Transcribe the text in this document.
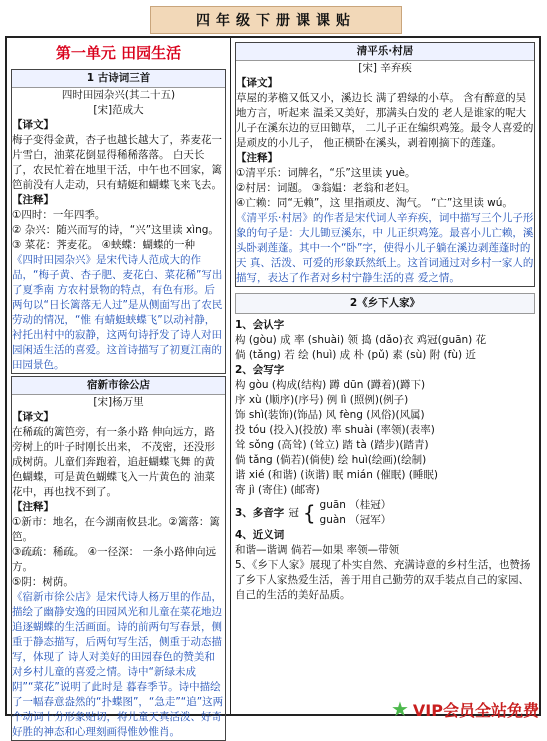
四年级下册课课贴
第一单元 田园生活
1 古诗词三首
四时田园杂兴(其二十五)
[宋]范成大
【译文】
梅子变得金黄，杏子也越长越大了，荞麦花一片雪白，油菜花倒显得稀稀落落。 白天长了，农民忙着在地里干活，中午也不回家，篱笆前没有人走动，只有蜻蜓和蝴蝶飞来飞去。
【注释】
①四时：一年四季。
② 杂兴：随兴而写的诗，“兴”这里读 xìng。
③ 菜花：荠麦花。 ④蛱蝶：蝴蝶的一种
《四时田园杂兴》是宋代诗人范成大的作品，“梅子黄、杏子肥、麦花白、菜花稀”写出了夏季南 方农村景物的特点，有色有形。后两句以“日长篱落无人过”是从侧面写出了农民劳动的情况，“惟 有蜻蜓蛱蝶飞”以动衬静，衬托出村中的寂静，这两句诗抒发了诗人对田园闲适生活的喜爱。这首诗描写了初夏江南的田园景色。
宿新市徐公店
[宋]杨万里
【译文】
在稀疏的篱笆旁，有一条小路 伸向远方，路旁树上的叶子时刚长出来， 不茂密，还没形成树荫。儿童们奔跑着，追赶蝴蝶飞舞 的黄色蝴蝶，可是黄色蝴蝶飞入一片黄色的 油菜花中，再也找不到了。
【注释】
①新市：地名，在今湖南攸县北。②篱落：篱笆。
③疏疏：稀疏。 ④一径深： 一条小路伸向远方。
⑤阴：树荫。
《宿新市徐公店》是宋代诗人杨万里的作品，描绘了幽静安逸的田园风光和儿童在菜花地边追逐蝴蝶的生活画面。诗的前两句写春景，侧重于静态描写，后两句写生活，侧重于动态描写，体现了 诗人对美好的田园春色的赞美和对乡村儿童的喜爱之情。诗中“新绿未成阴”“菜花”说明了此时是 暮春季节。诗中描绘了一幅春意盎然的“扑蝶图”，“急走”“追”这两个动词十分形象贴切，将儿童天真活泼、好奇好胜的神态和心理刻画得惟妙惟肖。
清平乐·村居
[宋] 辛弃疾
【译文】
草屋的茅檐又低又小，溪边长 满了碧绿的小草。 含有醉意的吴地方言，听起来 温柔又美好，那满头白发的 老人是谁家的呢大儿子在溪东边的豆田锄草， 二儿子正在编织鸡笼。最令人喜爱的是顽皮的小儿子， 他正横卧在溪头，剥着刚摘下的莲蓬。
【注释】
①清平乐：词牌名，“乐”这里读 yuè。
②村居：词题。 ③翁媪：老翁和老妇。
④亡赖：同“无赖”，这 里指顽皮、淘气。 “亡”这里读 wú。
《清平乐·村居》的作者是宋代词人辛弃疾，词中描写三个儿子形象的句子是：大儿锄豆溪东，中 儿正织鸡笼。最喜小儿亡赖，溪头卧剥莲蓬。其中一个“卧”字，使得小儿子躺在溪边剥莲蓬时的天 真、活泼、可爱的形象跃然纸上。这首词通过对乡村一家人的描写，表达了作者对乡村宁静生活的喜 爱之情。
2《乡下人家》
1、会认字
构 (gòu) 成 率 (shuài) 领 捣 (dǎo)衣 鸡冠(guān) 花
倘 (tǎng) 若 绘 (huì) 成 朴 (pǔ) 素 (sù) 附 (fù) 近
2、会写字
构 gòu (构成(结构) 蹲 dūn (蹲着)(蹲下)
序 xù (顺序)(序号) 例 lì (照例)(例子)
饰 shì(装饰)(饰品) 风 fèng (风俗)(风属)
投 tóu (投入)(投放) 率 shuài (率领)(表率)
耸 sǒng (高耸) (耸立) 踏 tà (踏步)(踏青)
倘 tǎng (倘若)(倘使) 绘 huì(绘画)(绘制)
谐 xié (和谐) (诙谐) 眠 mián (催眠) (睡眠)
寄 jì (寄住) (邮寄)
3、多音字 冠 { guān （桂冠）
guàn （冠军）
4、近义词
和谐—谐调 倘若—如果 率领—带领
5、《乡下人家》展现了朴实自然、充满诗意的乡村生活，也赞扬了乡下人家热爱生活，善于用自己勤劳的双手装点自己的家园、自己的生活的美好品质。
★ VIP会员全站免费
